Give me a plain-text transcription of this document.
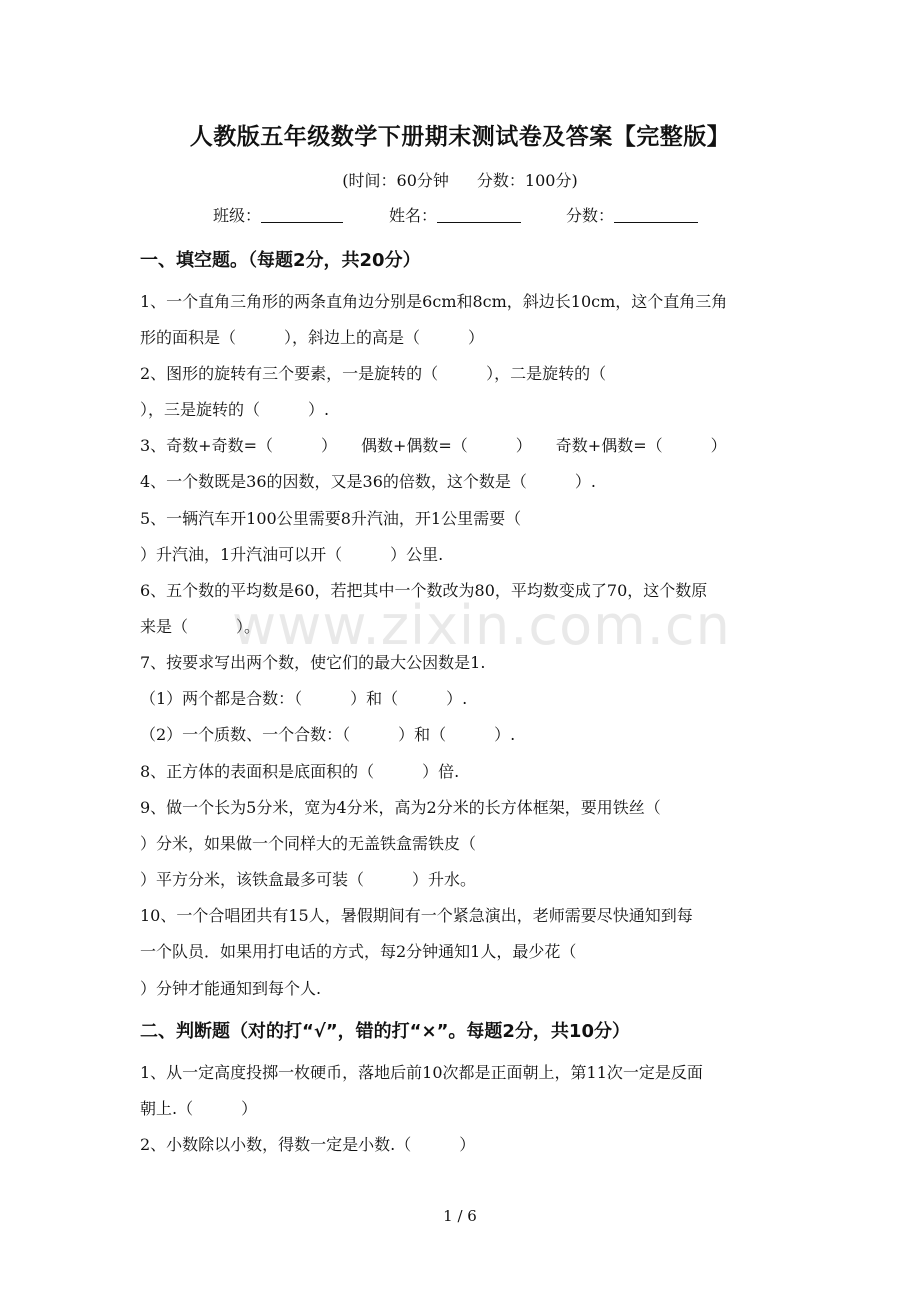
人教版五年级数学下册期末测试卷及答案【完整版】
(时间：60分钟 分数：100分)
班级：	姓名：	分数：
一、填空题。（每题2分，共20分）
1、一个直角三角形的两条直角边分别是6cm和8cm，斜边长10cm，这个直角三角
形的面积是（　　　），斜边上的高是（　　　）
2、图形的旋转有三个要素，一是旋转的（　　　），二是旋转的（
），三是旋转的（　　　）.
3、奇数+奇数=（　　　）　　偶数+偶数=（　　　）　　奇数+偶数=（　　　）
4、一个数既是36的因数，又是36的倍数，这个数是（　　　）.
5、一辆汽车开100公里需要8升汽油，开1公里需要（
）升汽油，1升汽油可以开（　　　）公里.
6、五个数的平均数是60，若把其中一个数改为80，平均数变成了70，这个数原
来是（　　　）。
7、按要求写出两个数，使它们的最大公因数是1.
（1）两个都是合数：（　　　）和（　　　）.
（2）一个质数、一个合数：（　　　）和（　　　）.
8、正方体的表面积是底面积的（　　　）倍.
9、做一个长为5分米，宽为4分米，高为2分米的长方体框架，要用铁丝（
）分米，如果做一个同样大的无盖铁盒需铁皮（
）平方分米，该铁盒最多可装（　　　）升水。
10、一个合唱团共有15人，暑假期间有一个紧急演出，老师需要尽快通知到每
一个队员．如果用打电话的方式，每2分钟通知1人，最少花（
）分钟才能通知到每个人.
二、判断题（对的打“√”，错的打“×”。每题2分，共10分）
1、从一定高度投掷一枚硬币，落地后前10次都是正面朝上，第11次一定是反面
朝上.（　　　）
2、小数除以小数，得数一定是小数.（　　　）
www.zixin.com.cn
1 / 6
